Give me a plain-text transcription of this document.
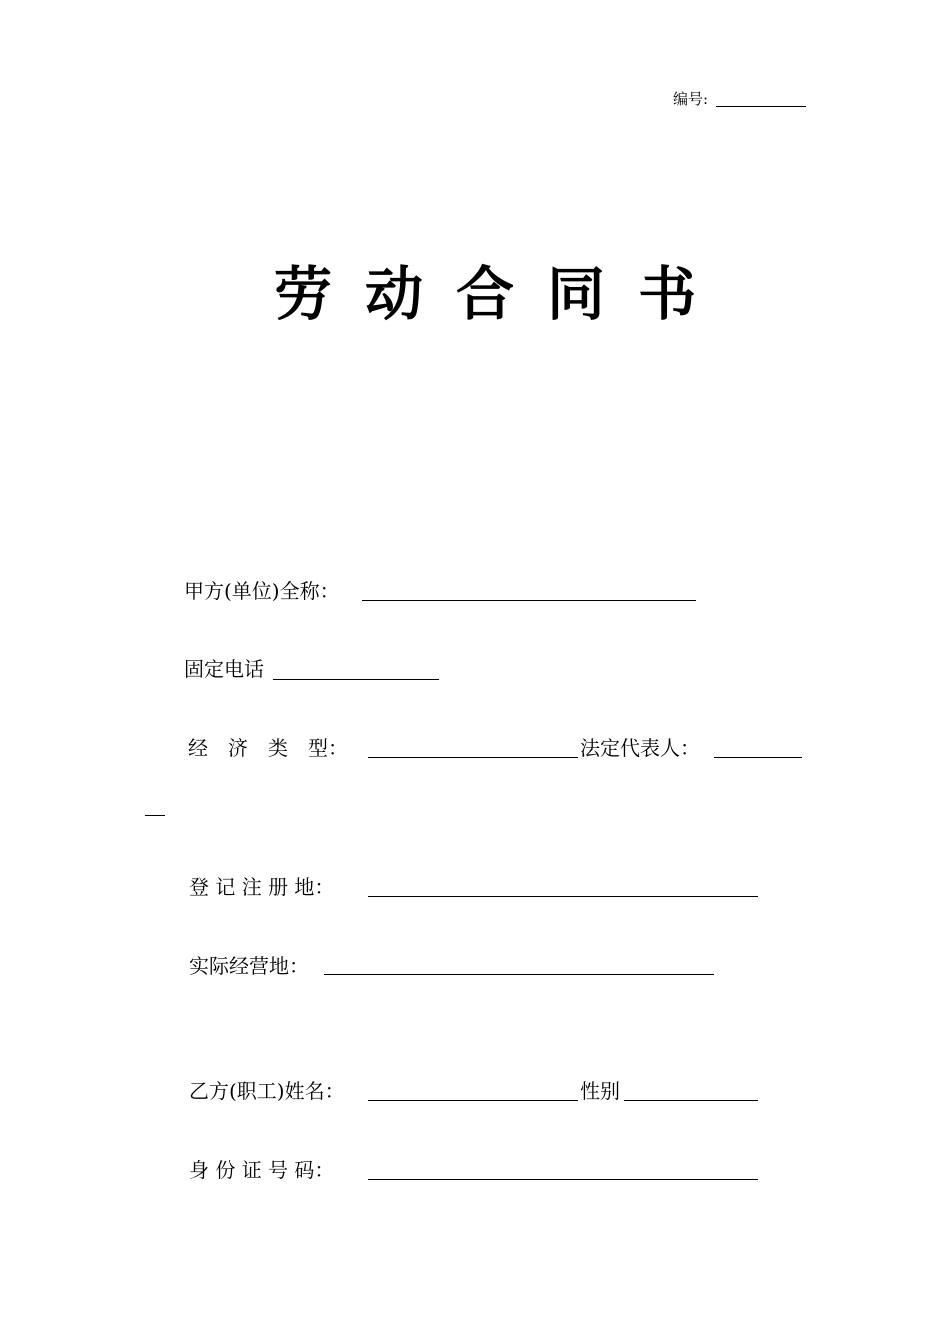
编号:
劳 动 合 同 书
甲方(单位)全称：
固定电话
经　济　类　型：	法定代表人：
登 记 注 册 地：
实际经营地：
乙方(职工)姓名：	性别
身 份 证 号 码：
